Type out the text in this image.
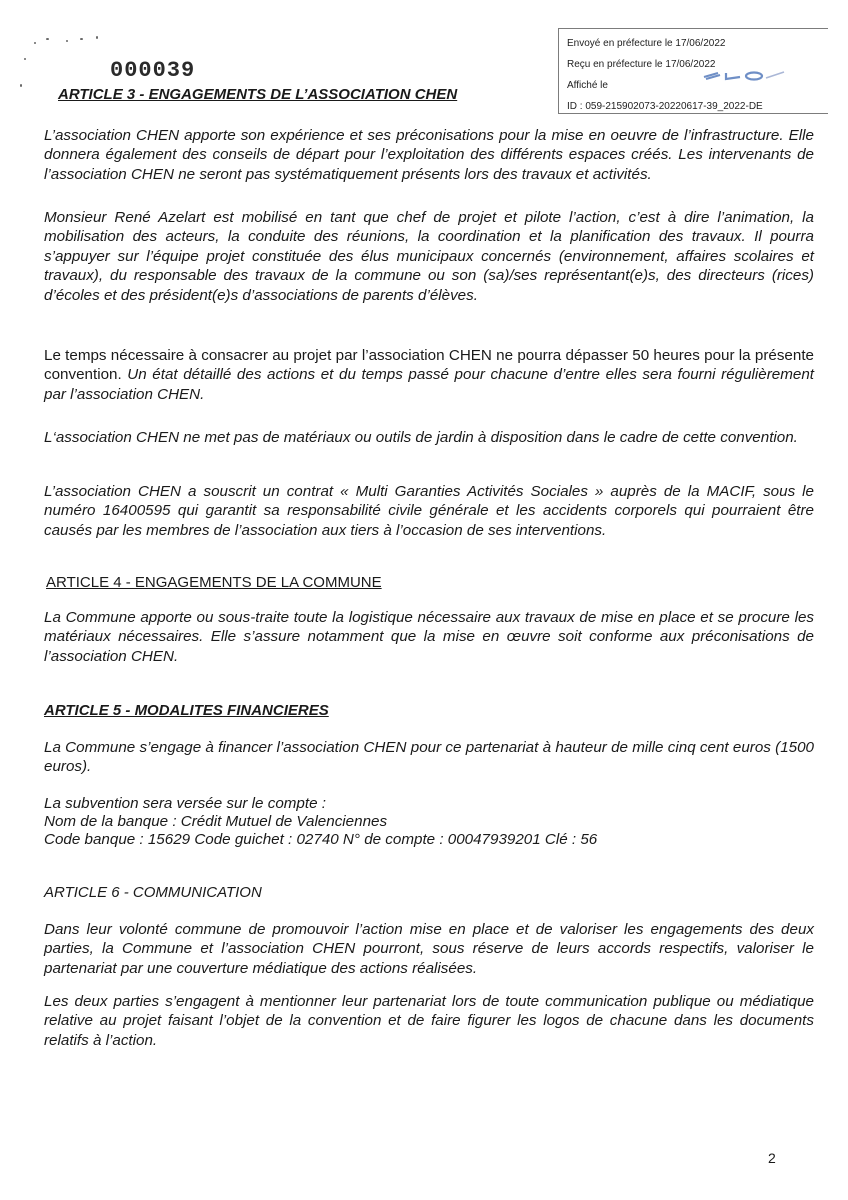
000039
Envoyé en préfecture le 17/06/2022
Reçu en préfecture le 17/06/2022
Affiché le
ID : 059-215902073-20220617-39_2022-DE
ARTICLE 3 - ENGAGEMENTS DE L’ASSOCIATION CHEN

L’association CHEN apporte son expérience et ses préconisations pour la mise en oeuvre de l’infrastructure. Elle donnera également des conseils de départ pour l’exploitation des différents espaces créés. Les intervenants de l’association CHEN ne seront pas systématiquement présents lors des travaux et activités.

Monsieur René Azelart est mobilisé en tant que chef de projet et pilote l’action, c’est à dire l’animation, la mobilisation des acteurs, la conduite des réunions, la coordination et la planification des travaux. Il pourra s’appuyer sur l’équipe projet constituée des élus municipaux concernés (environnement, affaires scolaires et travaux), du responsable des travaux de la commune ou son (sa)/ses représentant(e)s, des directeurs (rices) d’écoles et des président(e)s d’associations de parents d’élèves.

Le temps nécessaire à consacrer au projet par l’association CHEN ne pourra dépasser 50 heures pour la présente convention. Un état détaillé des actions et du temps passé pour chacune d’entre elles sera fourni régulièrement par l’association CHEN.

L‘association CHEN ne met pas de matériaux ou outils de jardin à disposition dans le cadre de cette convention.

L’association CHEN a souscrit un contrat « Multi Garanties Activités Sociales » auprès de la MACIF, sous le numéro 16400595 qui garantit sa responsabilité civile générale et les accidents corporels qui pourraient être causés par les membres de l’association aux tiers à l’occasion de ses interventions.

ARTICLE 4 - ENGAGEMENTS DE LA COMMUNE

La Commune apporte ou sous-traite toute la logistique nécessaire aux travaux de mise en place et se procure les matériaux nécessaires. Elle s’assure notamment que la mise en œuvre soit conforme aux préconisations de l’association CHEN.

ARTICLE 5 - MODALITES FINANCIERES

La Commune s’engage à financer l’association CHEN pour ce partenariat à hauteur de mille cinq cent euros (1500 euros).

La subvention sera versée sur le compte :
Nom de la banque : Crédit Mutuel de Valenciennes
Code banque : 15629 Code guichet : 02740 N° de compte : 00047939201 Clé : 56
ARTICLE 6 - COMMUNICATION

Dans leur volonté commune de promouvoir l’action mise en place et de valoriser les engagements des deux parties, la Commune et l’association CHEN pourront, sous réserve de leurs accords respectifs, valoriser le partenariat par une couverture médiatique des actions réalisées.

Les deux parties s’engagent à mentionner leur partenariat lors de toute communication publique ou médiatique relative au projet faisant l’objet de la convention et de faire figurer les logos de chacune dans les documents relatifs à l’action.

2
